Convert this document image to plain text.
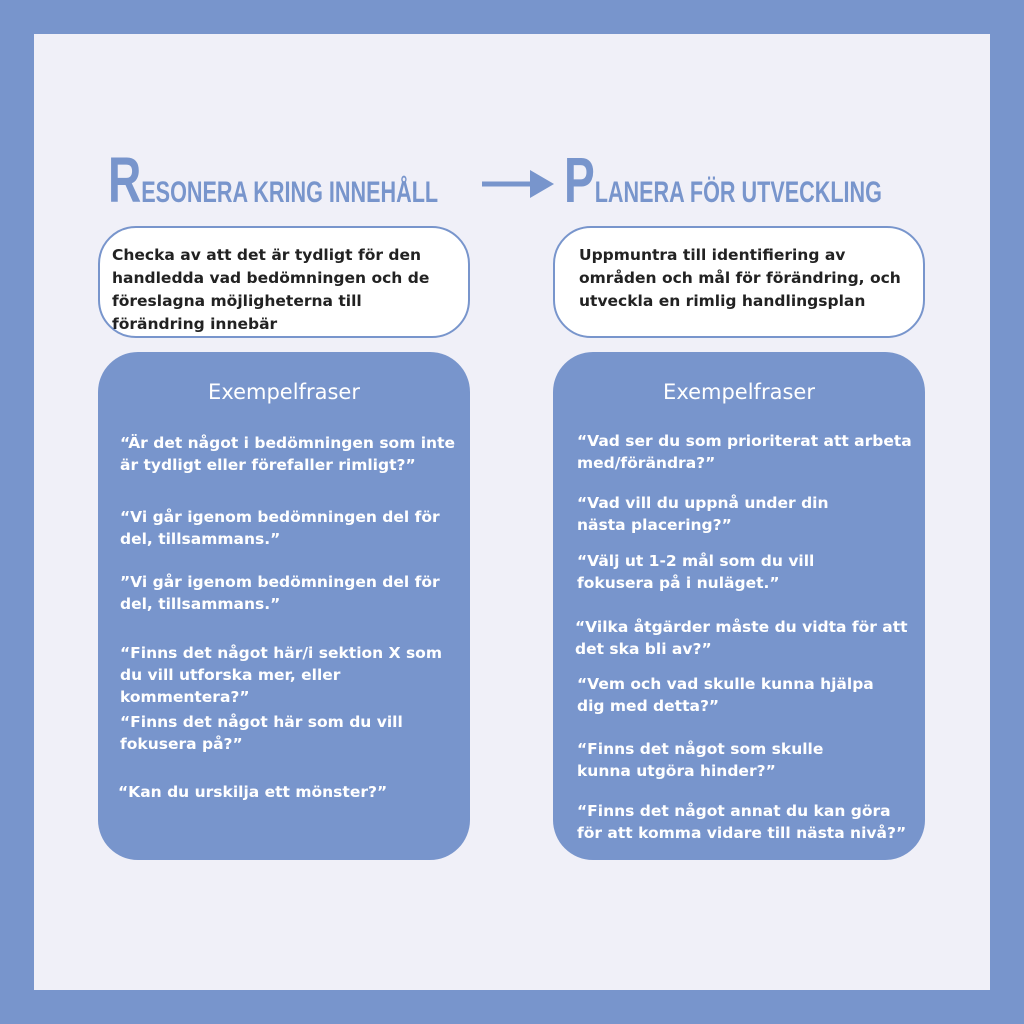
RESONERA KRING INNEHÅLL PLANERA FÖR UTVECKLING
Checka av att det är tydligt för den handledda vad bedömningen och de föreslagna möjligheterna till förändring innebär
Uppmuntra till identifiering av områden och mål för förändring, och utveckla en rimlig handlingsplan
Exempelfraser
“Är det något i bedömningen som inte är tydligt eller förefaller rimligt?”
“Vi går igenom bedömningen del för del, tillsammans.”
”Vi går igenom bedömningen del för del, tillsammans.”
“Finns det något här/i sektion X som du vill utforska mer, eller kommentera?”
“Finns det något här som du vill fokusera på?”
“Kan du urskilja ett mönster?”
Exempelfraser
“Vad ser du som prioriterat att arbeta med/förändra?”
“Vad vill du uppnå under din nästa placering?”
“Välj ut 1-2 mål som du vill fokusera på i nuläget.”
“Vilka åtgärder måste du vidta för att det ska bli av?”
“Vem och vad skulle kunna hjälpa dig med detta?”
“Finns det något som skulle kunna utgöra hinder?”
“Finns det något annat du kan göra för att komma vidare till nästa nivå?”
